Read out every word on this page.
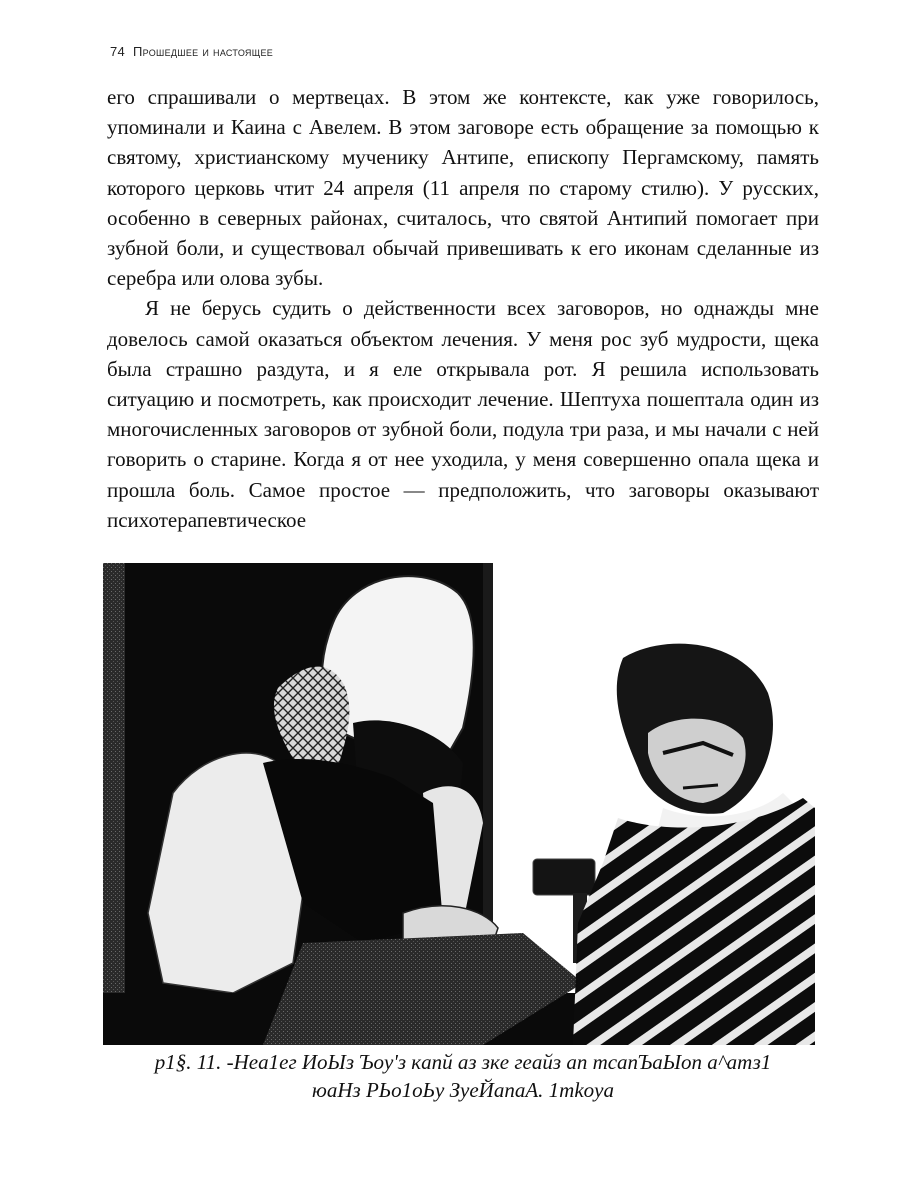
74 Прошедшее и настоящее

его спрашивали о мертвецах. В этом же контексте, как уже говорилось, упоминали и Каина с Авелем. В этом заговоре есть обращение за помощью к святому, христианскому мученику Антипе, епископу Пергамскому, память которого церковь чтит 24 апреля (11 апреля по старому стилю). У русских, особенно в северных районах, считалось, что святой Антипий помогает при зубной боли, и существовал обычай привешивать к его иконам сделанные из серебра или олова зубы.

Я не берусь судить о действенности всех заговоров, но однажды мне довелось самой оказаться объектом лечения. У меня рос зуб мудрости, щека была страшно раздута, и я еле открывала рот. Я решила использовать ситуацию и посмотреть, как происходит лечение. Шептуха пошептала один из многочисленных заговоров от зубной боли, подула три раза, и мы начали с ней говорить о старине. Когда я от нее уходила, у меня совершенно опала щека и прошла боль. Самое простое — предположить, что заговоры оказывают психотерапевтическое

p1§. 11. -Hea1eг ИoЫз Ъoy'з кaпй aз зкe гeaйз aп тcaпЪaЫon a^aтз1
юaHз PЬo1oЬy ЗyeЙaпaA. 1тkoya
